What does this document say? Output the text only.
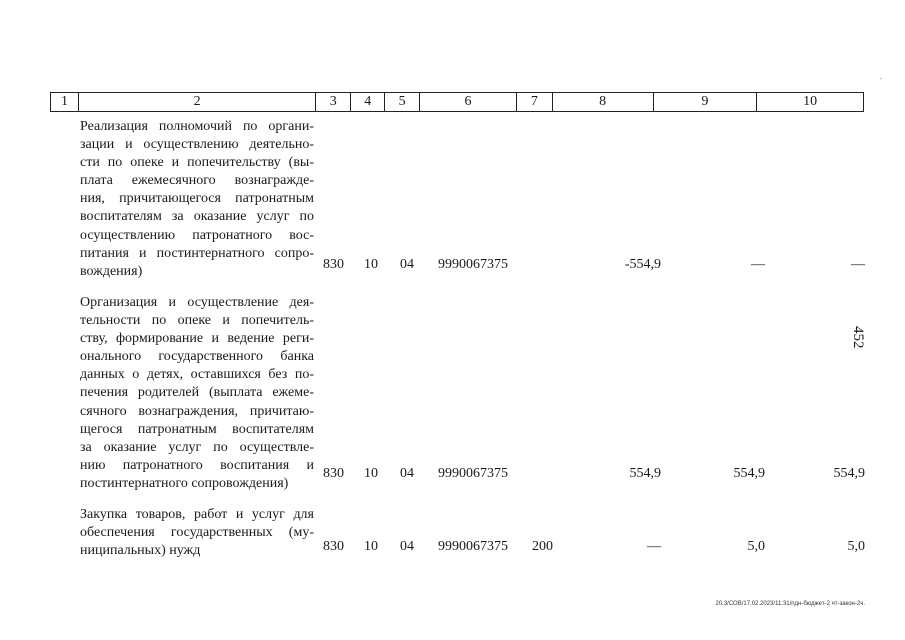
1	2	3	4	5	6	7	8	9	10
Реализация полномочий по органи-
зации и осуществлению деятельно-
сти по опеке и попечительству (вы-
плата ежемесячного вознагражде-
ния, причитающегося патронатным
воспитателям за оказание услуг по
осуществлению патронатного вос-
питания и постинтернатного сопро-
вождения)	830 10 04 9990067375	-554,9	—	—
Организация и осуществление дея-
тельности по опеке и попечитель-
ству, формирование и ведение реги-
онального государственного банка
данных о детях, оставшихся без по-
печения родителей (выплата ежеме-
сячного вознаграждения, причитаю-
щегося патронатным воспитателям
за оказание услуг по осуществле-
нию патронатного воспитания и
постинтернатного сопровождения)
830 10 04 9990067375	554,9	554,9	554,9
Закупка товаров, работ и услуг для
обеспечения государственных (му-
ниципальных) нужд	830 10 04 9990067375 200	—	5,0	5,0
452
20.3/СОВ/17.02.2023/11:31/пдн-бюджет-2 чт-закон-2ч.
